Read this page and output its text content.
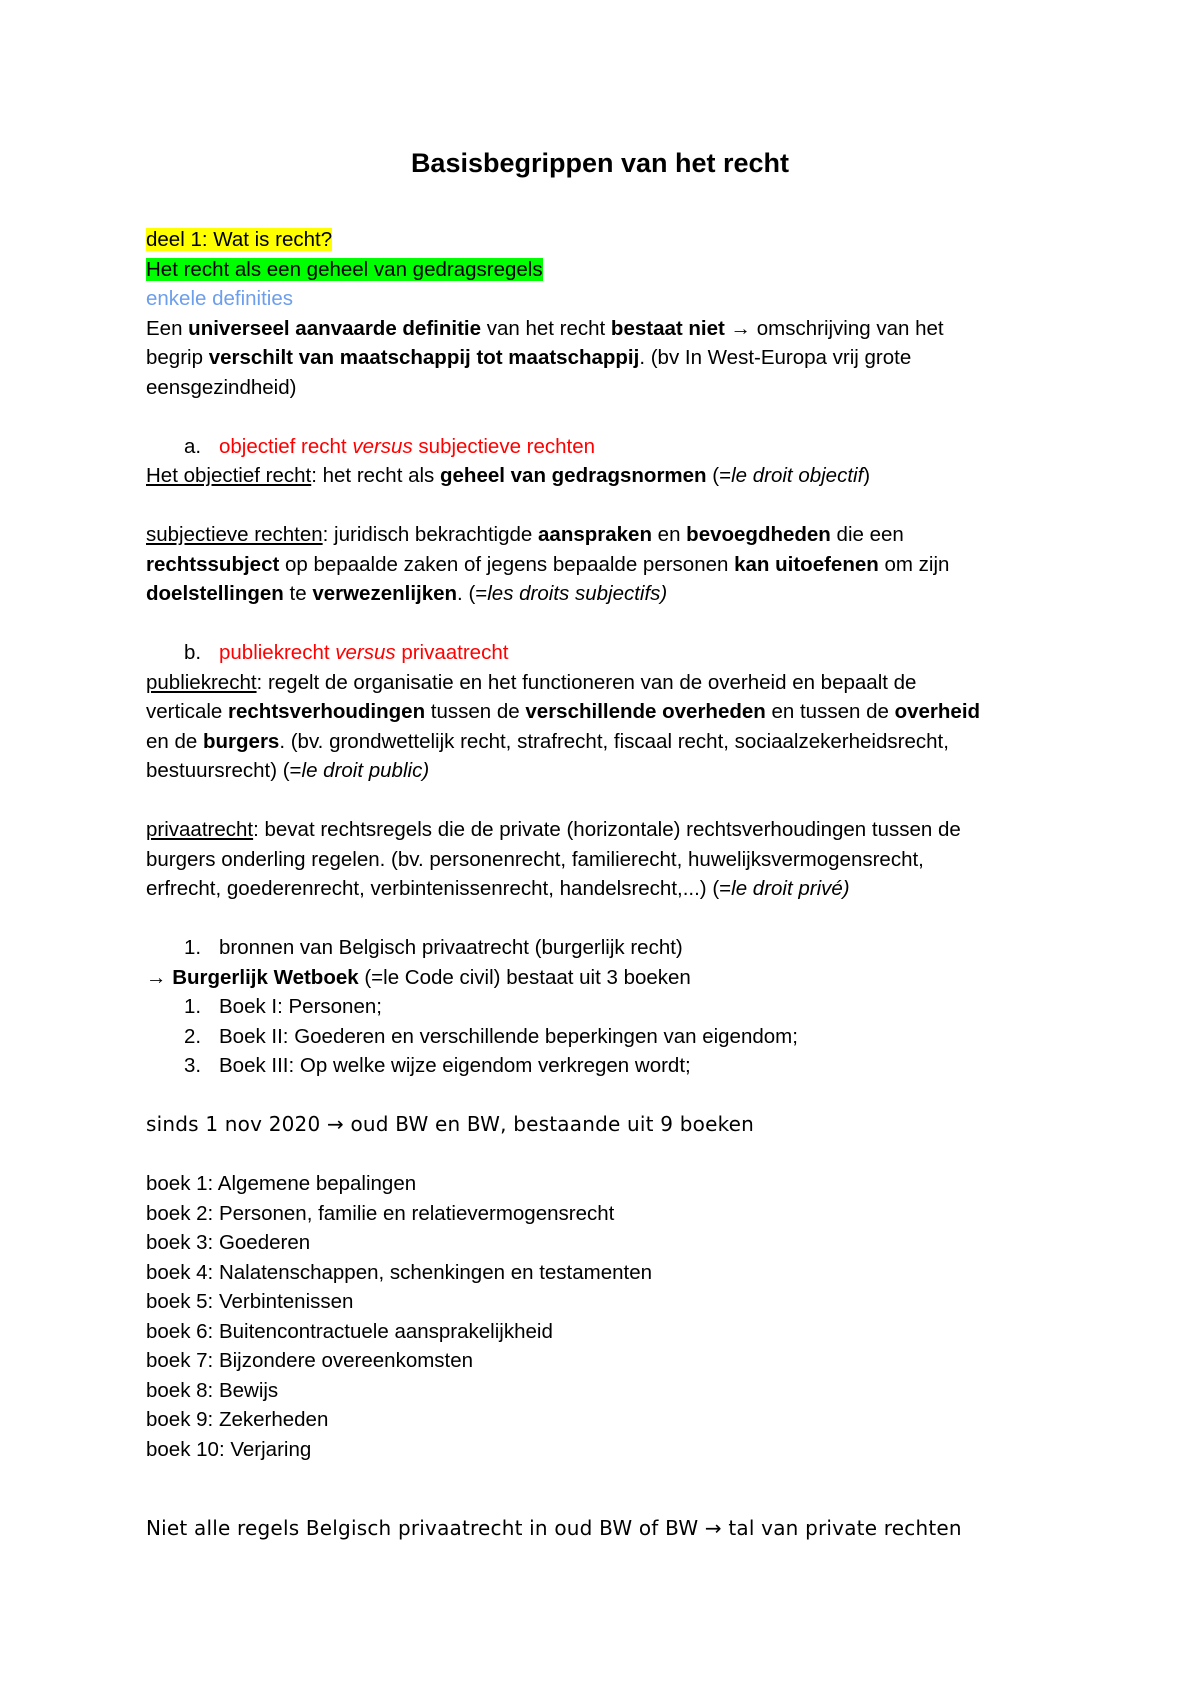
Basisbegrippen van het recht
deel 1: Wat is recht?
Het recht als een geheel van gedragsregels
enkele definities
Een universeel aanvaarde definitie van het recht bestaat niet → omschrijving van het
begrip verschilt van maatschappij tot maatschappij. (bv In West-Europa vrij grote
eensgezindheid)
a. objectief recht versus subjectieve rechten
Het objectief recht: het recht als geheel van gedragsnormen (=le droit objectif)
subjectieve rechten: juridisch bekrachtigde aanspraken en bevoegdheden die een
rechtssubject op bepaalde zaken of jegens bepaalde personen kan uitoefenen om zijn
doelstellingen te verwezenlijken. (=les droits subjectifs)
b. publiekrecht versus privaatrecht
publiekrecht: regelt de organisatie en het functioneren van de overheid en bepaalt de
verticale rechtsverhoudingen tussen de verschillende overheden en tussen de overheid
en de burgers. (bv. grondwettelijk recht, strafrecht, fiscaal recht, sociaalzekerheidsrecht,
bestuursrecht) (=le droit public)
privaatrecht: bevat rechtsregels die de private (horizontale) rechtsverhoudingen tussen de
burgers onderling regelen. (bv. personenrecht, familierecht, huwelijksvermogensrecht,
erfrecht, goederenrecht, verbintenissenrecht, handelsrecht,...) (=le droit privé)
1. bronnen van Belgisch privaatrecht (burgerlijk recht)
→ Burgerlijk Wetboek (=le Code civil) bestaat uit 3 boeken
1. Boek I: Personen;
2. Boek II: Goederen en verschillende beperkingen van eigendom;
3. Boek III: Op welke wijze eigendom verkregen wordt;
sinds 1 nov 2020 → oud BW en BW, bestaande uit 9 boeken
boek 1: Algemene bepalingen
boek 2: Personen, familie en relatievermogensrecht
boek 3: Goederen
boek 4: Nalatenschappen, schenkingen en testamenten
boek 5: Verbintenissen
boek 6: Buitencontractuele aansprakelijkheid
boek 7: Bijzondere overeenkomsten
boek 8: Bewijs
boek 9: Zekerheden
boek 10: Verjaring
Niet alle regels Belgisch privaatrecht in oud BW of BW → tal van private rechten
